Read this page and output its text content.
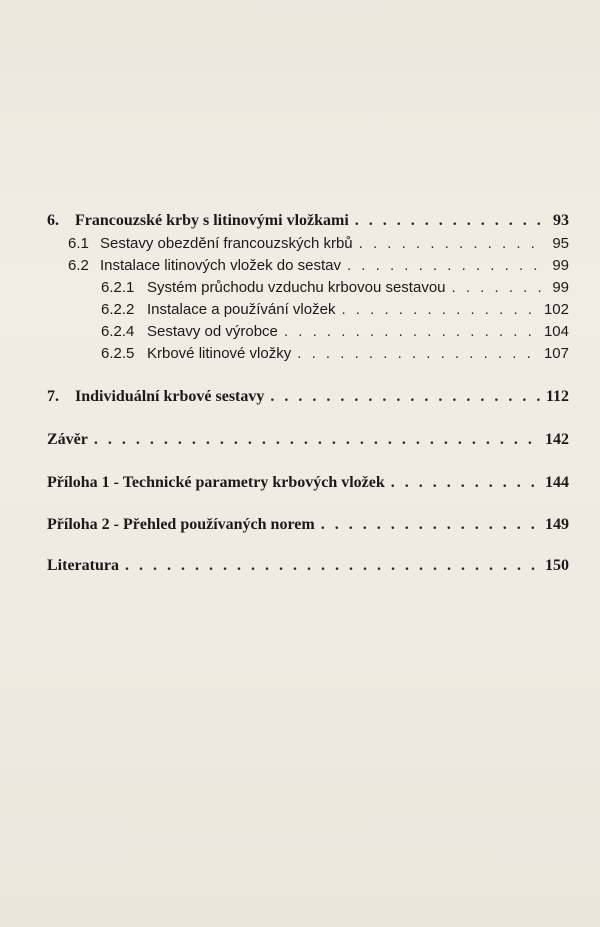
6.	Francouzské krby s litinovými vložkami . . .	93
6.1 Sestavy obezdění francouzských krbů . . .	95
6.2 Instalace litinových vložek do sestav . . .	99
6.2.1 Systém průchodu vzduchu krbovou sestavou . . .	99
6.2.2 Instalace a používání vložek . . .	102
6.2.4 Sestavy od výrobce . . .	104
6.2.5 Krbové litinové vložky . . .	107
7.	Individuální krbové sestavy . . .	112
Závěr . . .	142
Příloha 1 - Technické parametry krbových vložek . . .	144
Příloha 2 - Přehled používaných norem . . .	149
Literatura . . .	150
